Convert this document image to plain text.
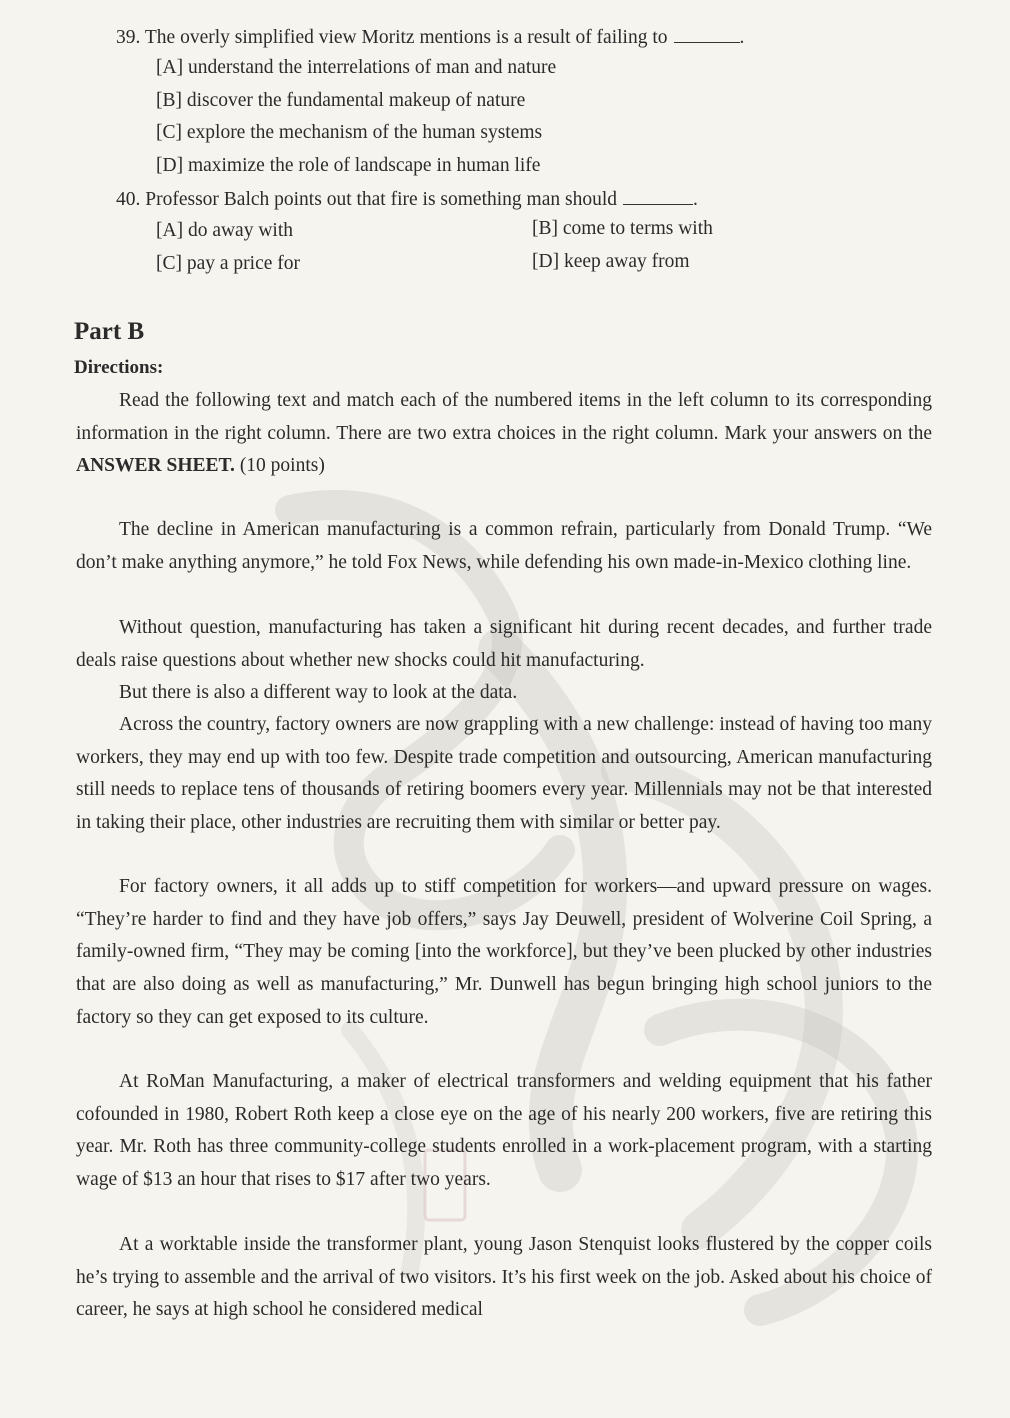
39. The overly simplified view Moritz mentions is a result of failing to	.
[A] understand the interrelations of man and nature
[B] discover the fundamental makeup of nature
[C] explore the mechanism of the human systems
[D] maximize the role of landscape in human life
40. Professor Balch points out that fire is something man should	.
[A] do away with	[B] come to terms with
[C] pay a price for	[D] keep away from
Part B
Directions:
Read the following text and match each of the numbered items in the left column to its corresponding information in the right column. There are two extra choices in the right column. Mark your answers on the ANSWER SHEET. (10 points)
The decline in American manufacturing is a common refrain, particularly from Donald Trump. “We don’t make anything anymore,” he told Fox News, while defending his own made-in-Mexico clothing line.
Without question, manufacturing has taken a significant hit during recent decades, and further trade deals raise questions about whether new shocks could hit manufacturing.
But there is also a different way to look at the data.
Across the country, factory owners are now grappling with a new challenge: instead of having too many workers, they may end up with too few. Despite trade competition and outsourcing, American manufacturing still needs to replace tens of thousands of retiring boomers every year. Millennials may not be that interested in taking their place, other industries are recruiting them with similar or better pay.
For factory owners, it all adds up to stiff competition for workers—and upward pressure on wages. “They’re harder to find and they have job offers,” says Jay Deuwell, president of Wolverine Coil Spring, a family-owned firm, “They may be coming [into the workforce], but they’ve been plucked by other industries that are also doing as well as manufacturing,” Mr. Dunwell has begun bringing high school juniors to the factory so they can get exposed to its culture.
At RoMan Manufacturing, a maker of electrical transformers and welding equipment that his father cofounded in 1980, Robert Roth keep a close eye on the age of his nearly 200 workers, five are retiring this year. Mr. Roth has three community-college students enrolled in a work-placement program, with a starting wage of $13 an hour that rises to $17 after two years.
At a worktable inside the transformer plant, young Jason Stenquist looks flustered by the copper coils he’s trying to assemble and the arrival of two visitors. It’s his first week on the job. Asked about his choice of career, he says at high school he considered medical
